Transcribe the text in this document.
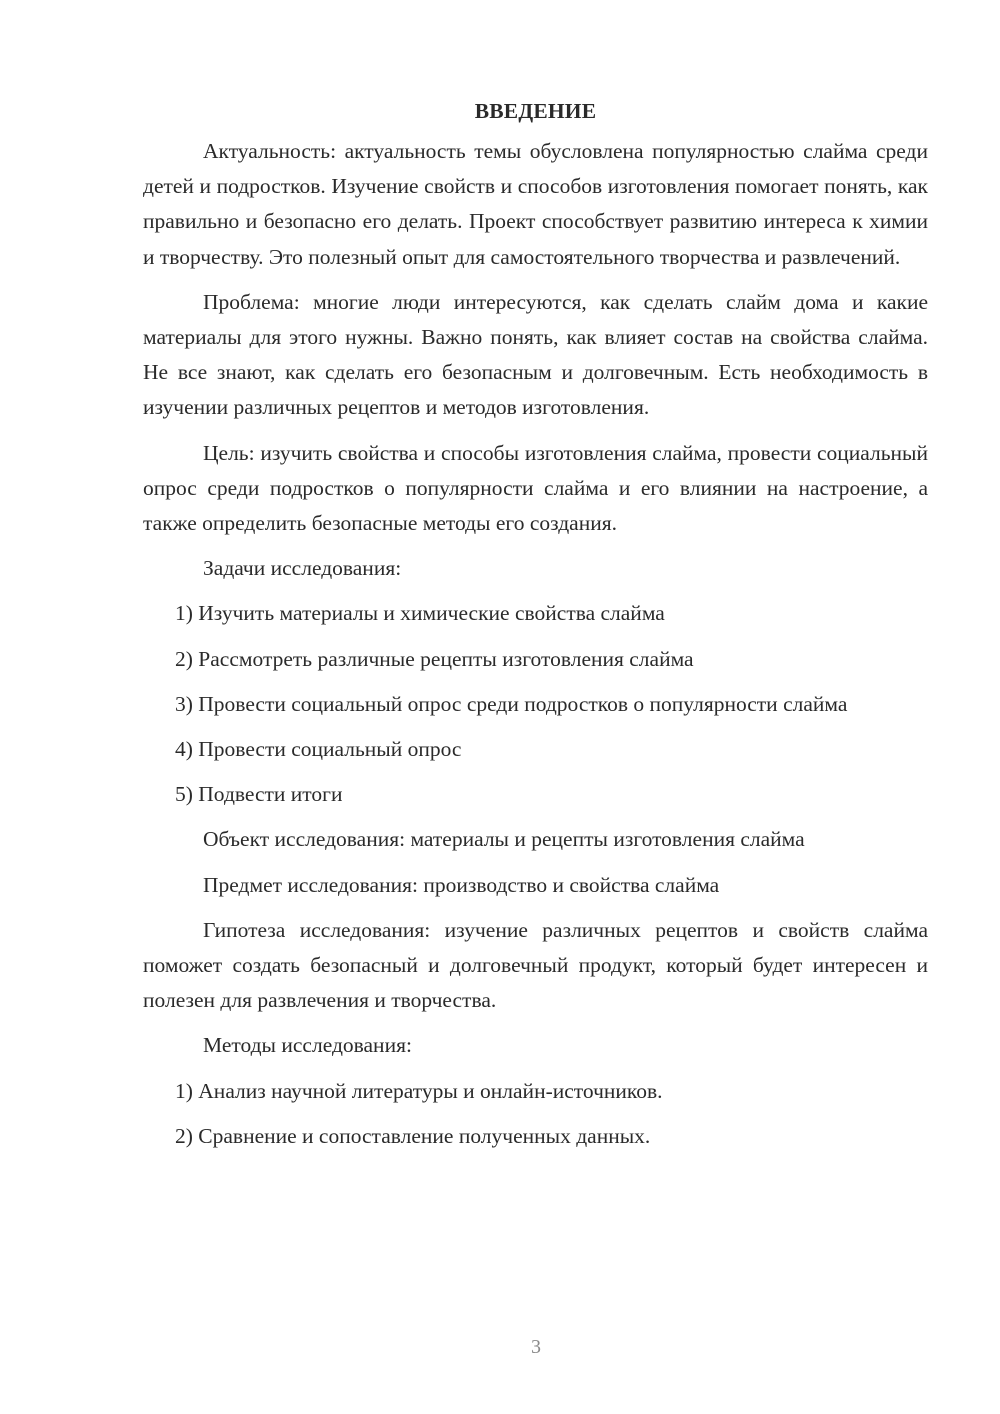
ВВЕДЕНИЕ

Актуальность: актуальность темы обусловлена популярностью слайма среди детей и подростков. Изучение свойств и способов изготовления помогает понять, как правильно и безопасно его делать. Проект способствует развитию интереса к химии и творчеству. Это полезный опыт для самостоятельного творчества и развлечений.

Проблема: многие люди интересуются, как сделать слайм дома и какие материалы для этого нужны. Важно понять, как влияет состав на свойства слайма. Не все знают, как сделать его безопасным и долговечным. Есть необходимость в изучении различных рецептов и методов изготовления.

Цель: изучить свойства и способы изготовления слайма, провести социальный опрос среди подростков о популярности слайма и его влиянии на настроение, а также определить безопасные методы его создания.

Задачи исследования:

1) Изучить материалы и химические свойства слайма

2) Рассмотреть различные рецепты изготовления слайма

3) Провести социальный опрос среди подростков о популярности слайма

4) Провести социальный опрос

5) Подвести итоги

Объект исследования: материалы и рецепты изготовления слайма

Предмет исследования: производство и свойства слайма

Гипотеза исследования: изучение различных рецептов и свойств слайма поможет создать безопасный и долговечный продукт, который будет интересен и полезен для развлечения и творчества.

Методы исследования:

1) Анализ научной литературы и онлайн-источников.

2) Сравнение и сопоставление полученных данных.

3
